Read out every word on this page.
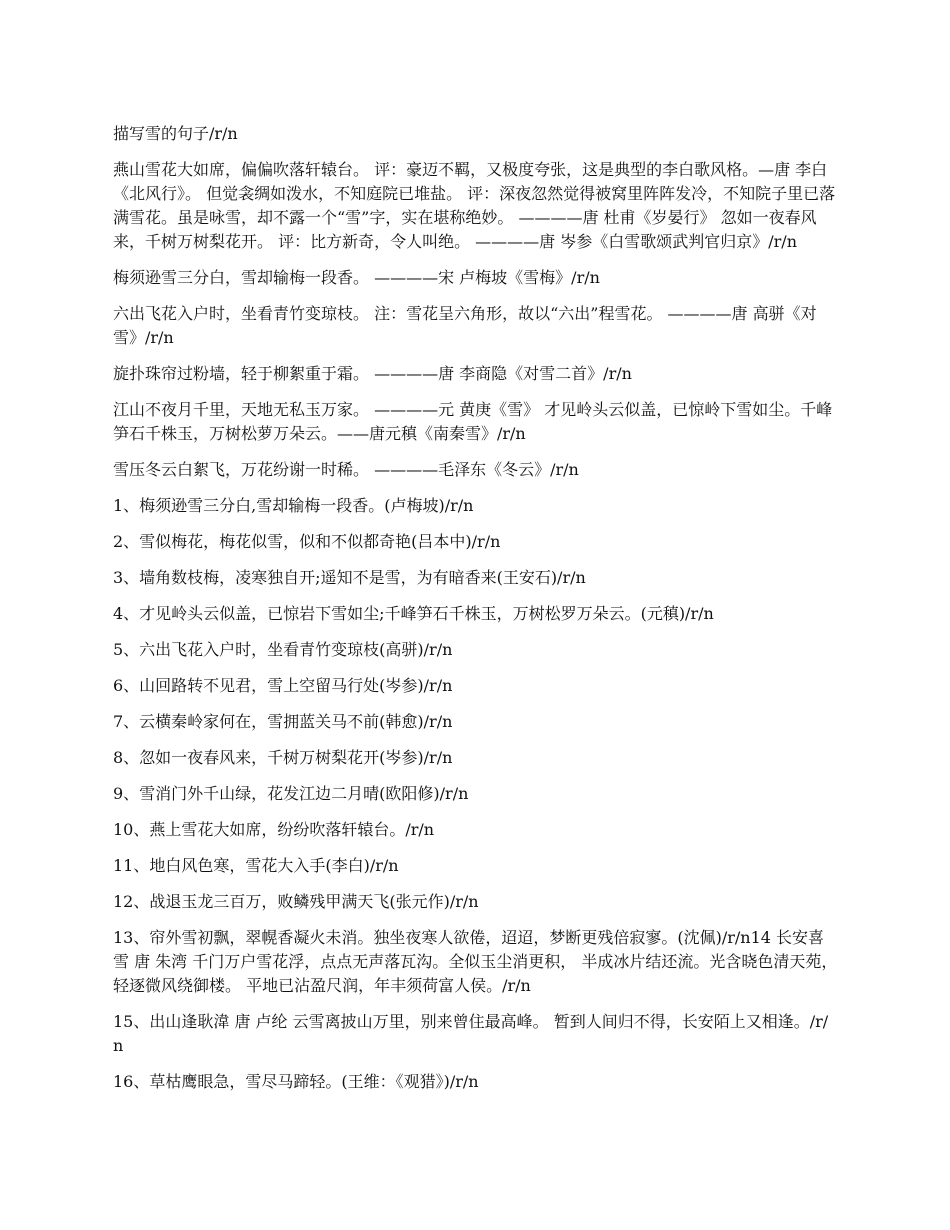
描写雪的句子/r/n

燕山雪花大如席，偏偏吹落轩辕台。 评：豪迈不羁，又极度夸张，这是典型的李白歌风格。—唐 李白《北风行》。 但觉衾绸如泼水，不知庭院已堆盐。 评：深夜忽然觉得被窝里阵阵发冷，不知院子里已落满雪花。虽是咏雪，却不露一个“雪”字，实在堪称绝妙。 ————唐 杜甫《岁晏行》 忽如一夜春风来，千树万树梨花开。 评：比方新奇，令人叫绝。 ————唐 岑参《白雪歌颂武判官归京》/r/n

梅须逊雪三分白，雪却输梅一段香。 ————宋 卢梅坡《雪梅》/r/n

六出飞花入户时，坐看青竹变琼枝。 注：雪花呈六角形，故以“六出”程雪花。 ————唐 高骈《对雪》/r/n

旋扑珠帘过粉墙，轻于柳絮重于霜。 ————唐 李商隐《对雪二首》/r/n

江山不夜月千里，天地无私玉万家。 ————元 黄庚《雪》 才见岭头云似盖，已惊岭下雪如尘。千峰笋石千株玉，万树松萝万朵云。——唐元稹《南秦雪》/r/n

雪压冬云白絮飞，万花纷谢一时稀。 ————毛泽东《冬云》/r/n

1、梅须逊雪三分白,雪却输梅一段香。(卢梅坡)/r/n

2、雪似梅花，梅花似雪，似和不似都奇艳(吕本中)/r/n

3、墙角数枝梅，凌寒独自开;遥知不是雪，为有暗香来(王安石)/r/n

4、才见岭头云似盖，已惊岩下雪如尘;千峰笋石千株玉，万树松罗万朵云。(元稹)/r/n

5、六出飞花入户时，坐看青竹变琼枝(高骈)/r/n

6、山回路转不见君，雪上空留马行处(岑参)/r/n

7、云横秦岭家何在，雪拥蓝关马不前(韩愈)/r/n

8、忽如一夜春风来，千树万树梨花开(岑参)/r/n

9、雪消门外千山绿，花发江边二月晴(欧阳修)/r/n

10、燕上雪花大如席，纷纷吹落轩辕台。/r/n

11、地白风色寒，雪花大入手(李白)/r/n

12、战退玉龙三百万，败鳞残甲满天飞(张元作)/r/n

13、帘外雪初飘，翠幌香凝火未消。独坐夜寒人欲倦，迢迢，梦断更残倍寂寥。(沈佩)/r/n14 长安喜雪 唐 朱湾 千门万户雪花浮，点点无声落瓦沟。全似玉尘消更积， 半成冰片结还流。光含晓色清天苑，轻逐微风绕御楼。 平地已沾盈尺润，年丰须荷富人侯。/r/n

15、出山逢耿湋 唐 卢纶 云雪离披山万里，别来曾住最高峰。 暂到人间归不得，长安陌上又相逢。/r/n

16、草枯鹰眼急，雪尽马蹄轻。(王维：《观猎》)/r/n
